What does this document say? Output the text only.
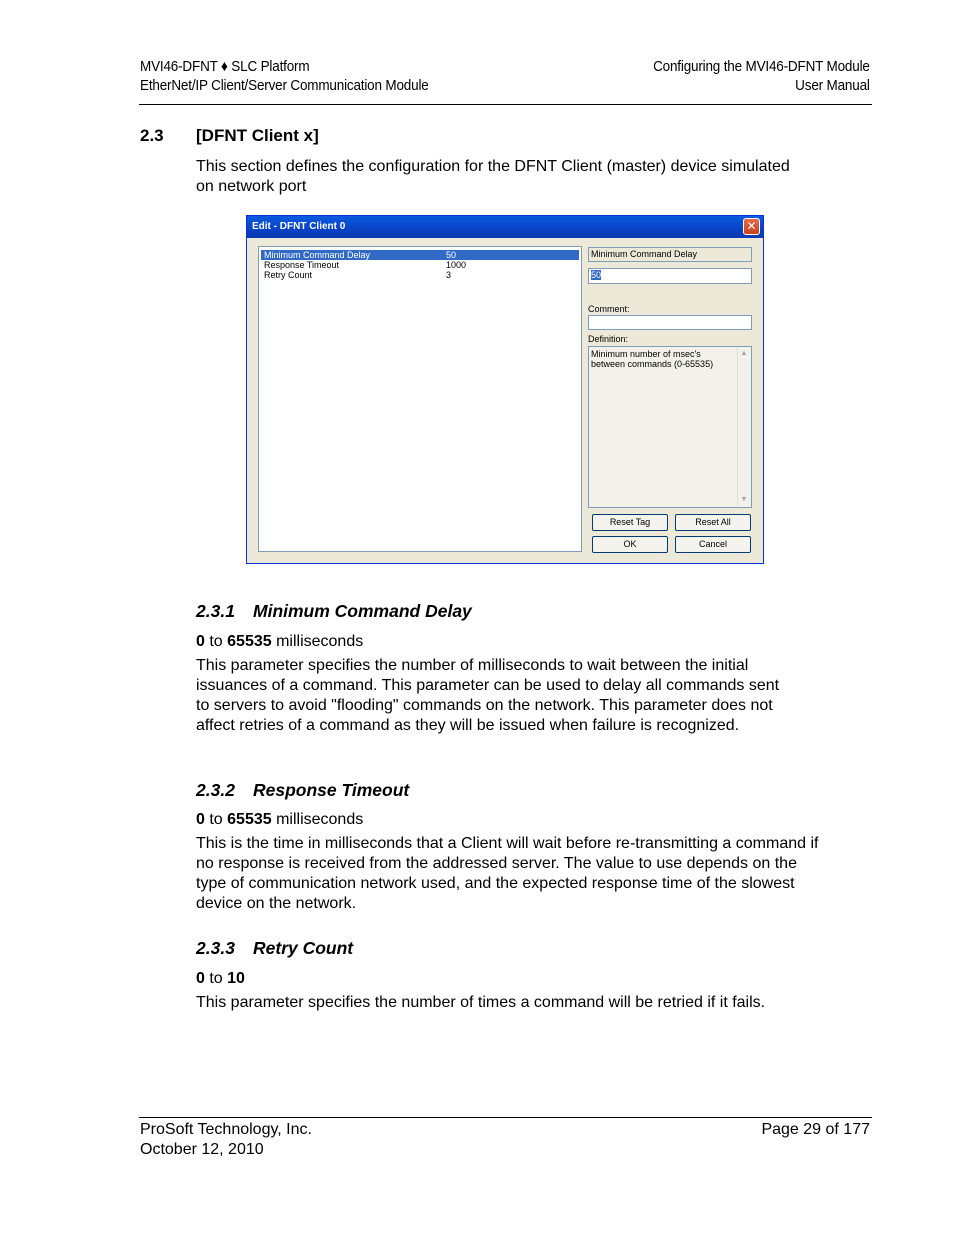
MVI46-DFNT ♦ SLC Platform
EtherNet/IP Client/Server Communication Module
Configuring the MVI46-DFNT Module
User Manual
2.3 [DFNT Client x]
This section defines the configuration for the DFNT Client (master) device simulated on network port
Edit - DFNT Client 0	✕
Minimum Command Delay	50
Response Timeout	1000
Retry Count	3
Minimum Command Delay
50
Comment:
Definition:
Minimum number of msec's between commands (0-65535)
▲
▼
Reset Tag	Reset All
OK	Cancel
2.3.1 Minimum Command Delay
0 to 65535 milliseconds
This parameter specifies the number of milliseconds to wait between the initial issuances of a command. This parameter can be used to delay all commands sent to servers to avoid "flooding" commands on the network. This parameter does not affect retries of a command as they will be issued when failure is recognized.
2.3.2 Response Timeout
0 to 65535 milliseconds
This is the time in milliseconds that a Client will wait before re-transmitting a command if no response is received from the addressed server. The value to use depends on the type of communication network used, and the expected response time of the slowest device on the network.
2.3.3 Retry Count
0 to 10
This parameter specifies the number of times a command will be retried if it fails.
ProSoft Technology, Inc.
October 12, 2010
Page 29 of 177
